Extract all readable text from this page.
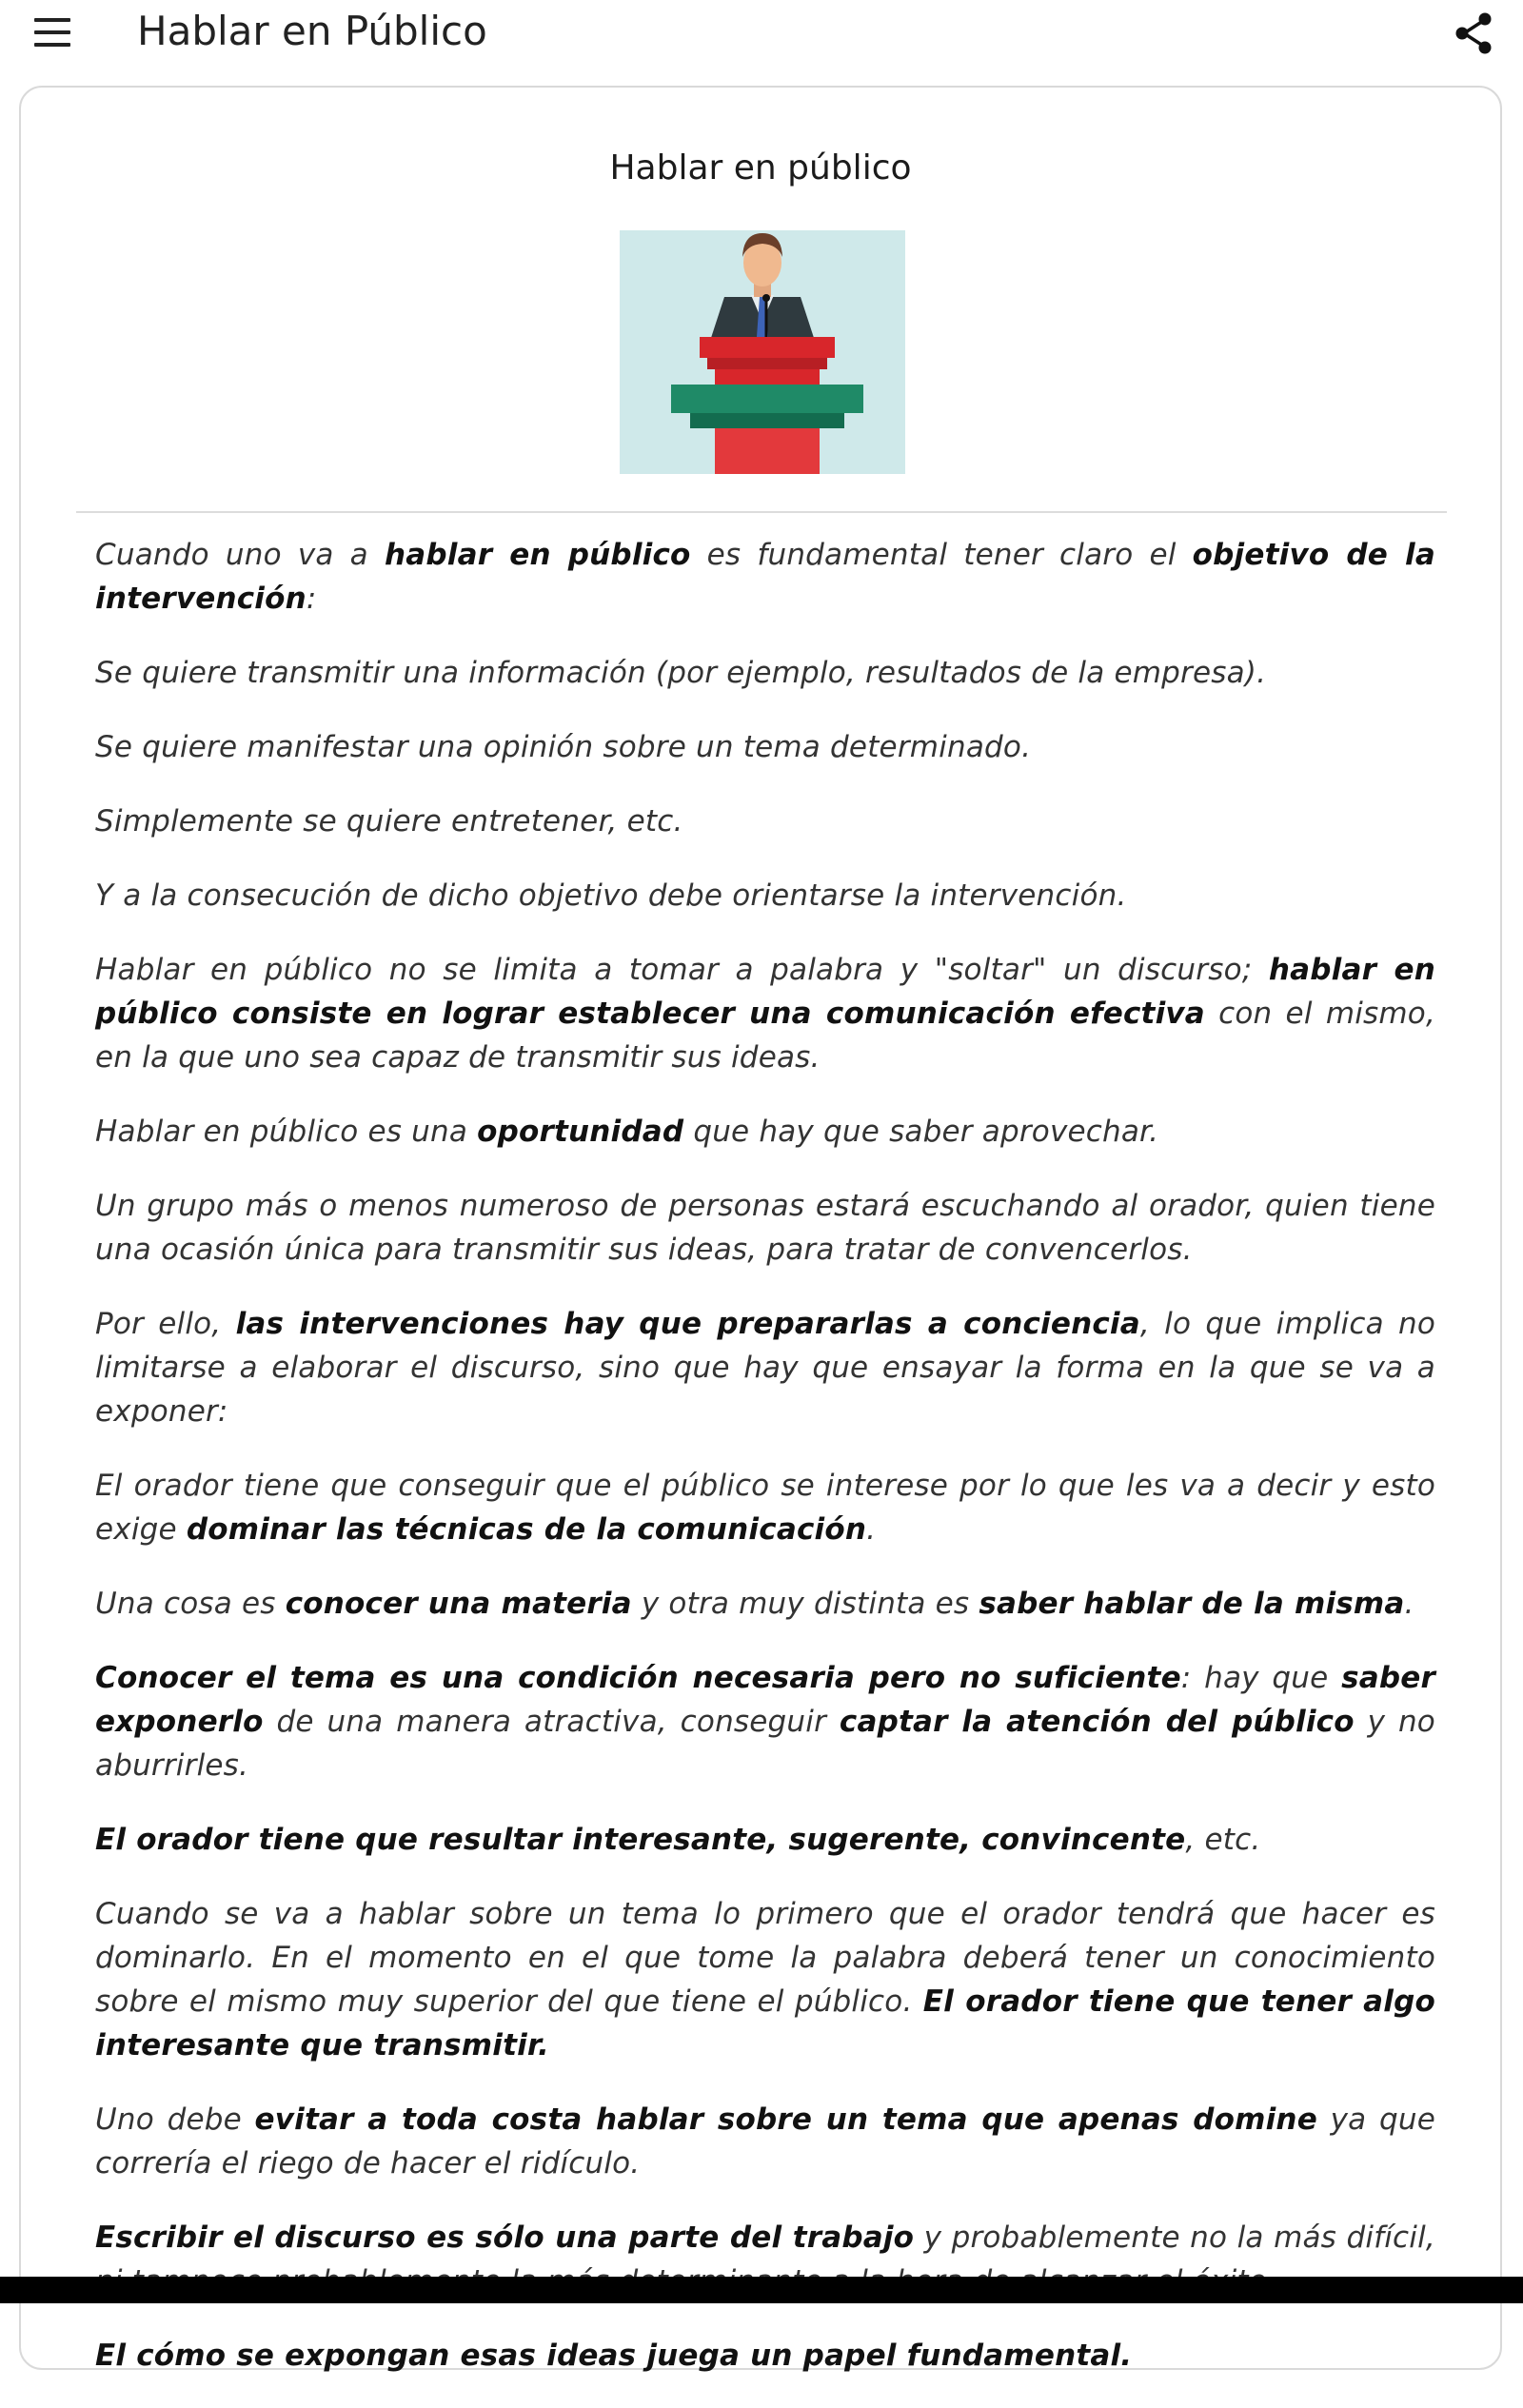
Hablar en Público
Hablar en público

Cuando uno va a hablar en público es fundamental tener claro el objetivo de la intervención:

Se quiere transmitir una información (por ejemplo, resultados de la empresa).

Se quiere manifestar una opinión sobre un tema determinado.

Simplemente se quiere entretener, etc.

Y a la consecución de dicho objetivo debe orientarse la intervención.

Hablar en público no se limita a tomar a palabra y "soltar" un discurso; hablar en público consiste en lograr establecer una comunicación efectiva con el mismo, en la que uno sea capaz de transmitir sus ideas.

Hablar en público es una oportunidad que hay que saber aprovechar.

Un grupo más o menos numeroso de personas estará escuchando al orador, quien tiene una ocasión única para transmitir sus ideas, para tratar de convencerlos.

Por ello, las intervenciones hay que prepararlas a conciencia, lo que implica no limitarse a elaborar el discurso, sino que hay que ensayar la forma en la que se va a exponer:

El orador tiene que conseguir que el público se interese por lo que les va a decir y esto exige dominar las técnicas de la comunicación.

Una cosa es conocer una materia y otra muy distinta es saber hablar de la misma.

Conocer el tema es una condición necesaria pero no suficiente: hay que saber exponerlo de una manera atractiva, conseguir captar la atención del público y no aburrirles.

El orador tiene que resultar interesante, sugerente, convincente, etc.

Cuando se va a hablar sobre un tema lo primero que el orador tendrá que hacer es dominarlo. En el momento en el que tome la palabra deberá tener un conocimiento sobre el mismo muy superior del que tiene el público. El orador tiene que tener algo interesante que transmitir.

Uno debe evitar a toda costa hablar sobre un tema que apenas domine ya que correría el riego de hacer el ridículo.

Escribir el discurso es sólo una parte del trabajo y probablemente no la más difícil,

El cómo se expongan esas ideas juega un papel fundamental.
